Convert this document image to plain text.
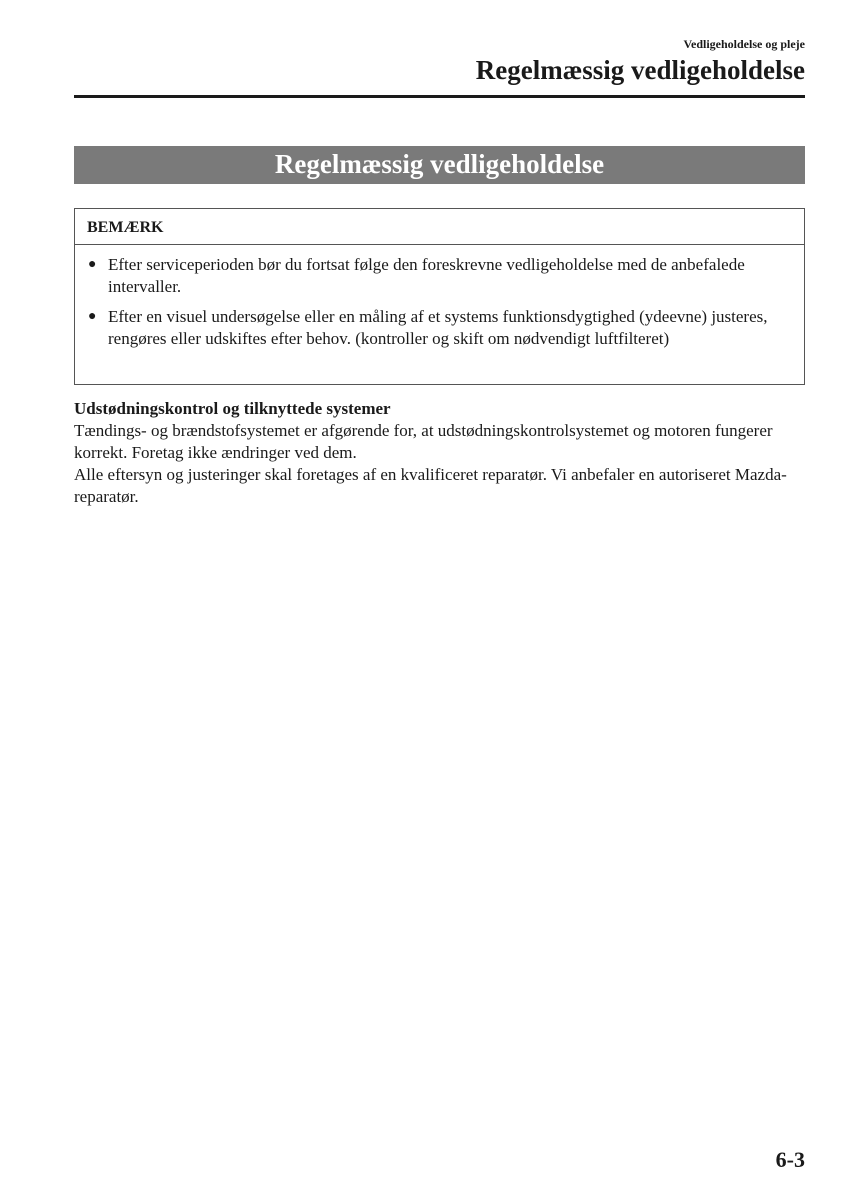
Vedligeholdelse og pleje
Regelmæssig vedligeholdelse
Regelmæssig vedligeholdelse
BEMÆRK
● Efter serviceperioden bør du fortsat følge den foreskrevne vedligeholdelse med de anbefalede intervaller.
● Efter en visuel undersøgelse eller en måling af et systems funktionsdygtighed (ydeevne) justeres, rengøres eller udskiftes efter behov. (kontroller og skift om nødvendigt luftfilteret)

Udstødningskontrol og tilknyttede systemer

Tændings- og brændstofsystemet er afgørende for, at udstødningskontrolsystemet og motoren fungerer korrekt. Foretag ikke ændringer ved dem.

Alle eftersyn og justeringer skal foretages af en kvalificeret reparatør. Vi anbefaler en autoriseret Mazda-reparatør.

6-3
